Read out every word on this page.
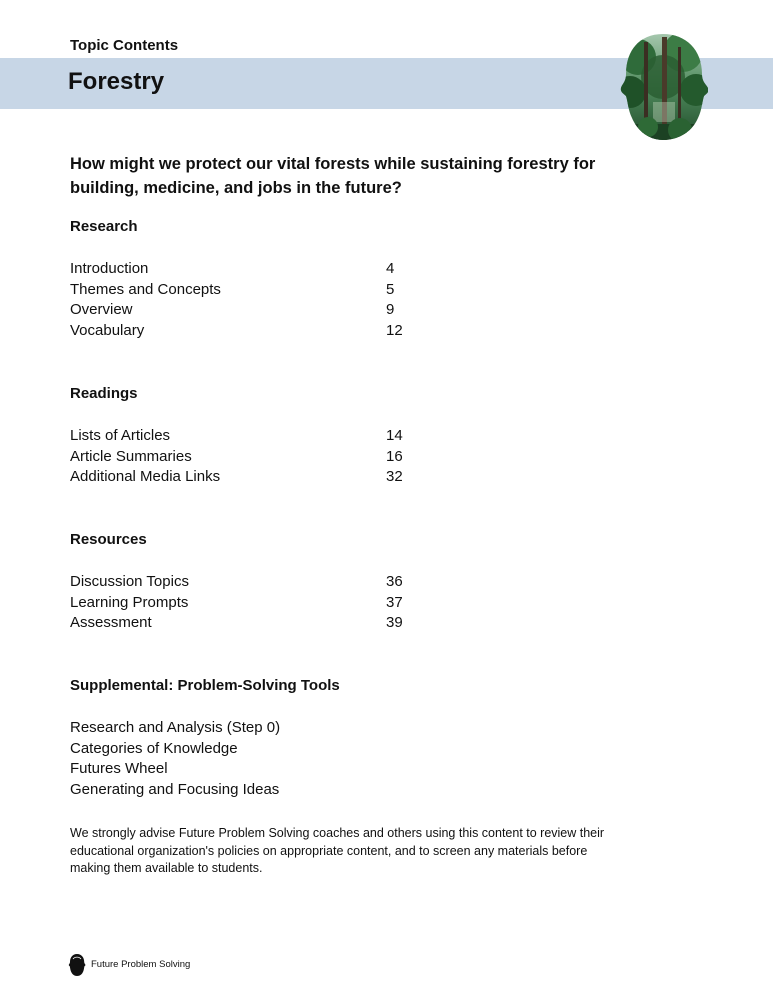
Topic Contents
Forestry
How might we protect our vital forests while sustaining forestry for building, medicine, and jobs in the future?
Research
Introduction	4
Themes and Concepts	5
Overview	9
Vocabulary	12
Readings
Lists of Articles	14
Article Summaries	16
Additional Media Links	32
Resources
Discussion Topics	36
Learning Prompts	37
Assessment	39
Supplemental: Problem-Solving Tools
Research and Analysis (Step 0)
Categories of Knowledge
Futures Wheel
Generating and Focusing Ideas
We strongly advise Future Problem Solving coaches and others using this content to review their educational organization's policies on appropriate content, and to screen any materials before making them available to students.
Future Problem Solving
